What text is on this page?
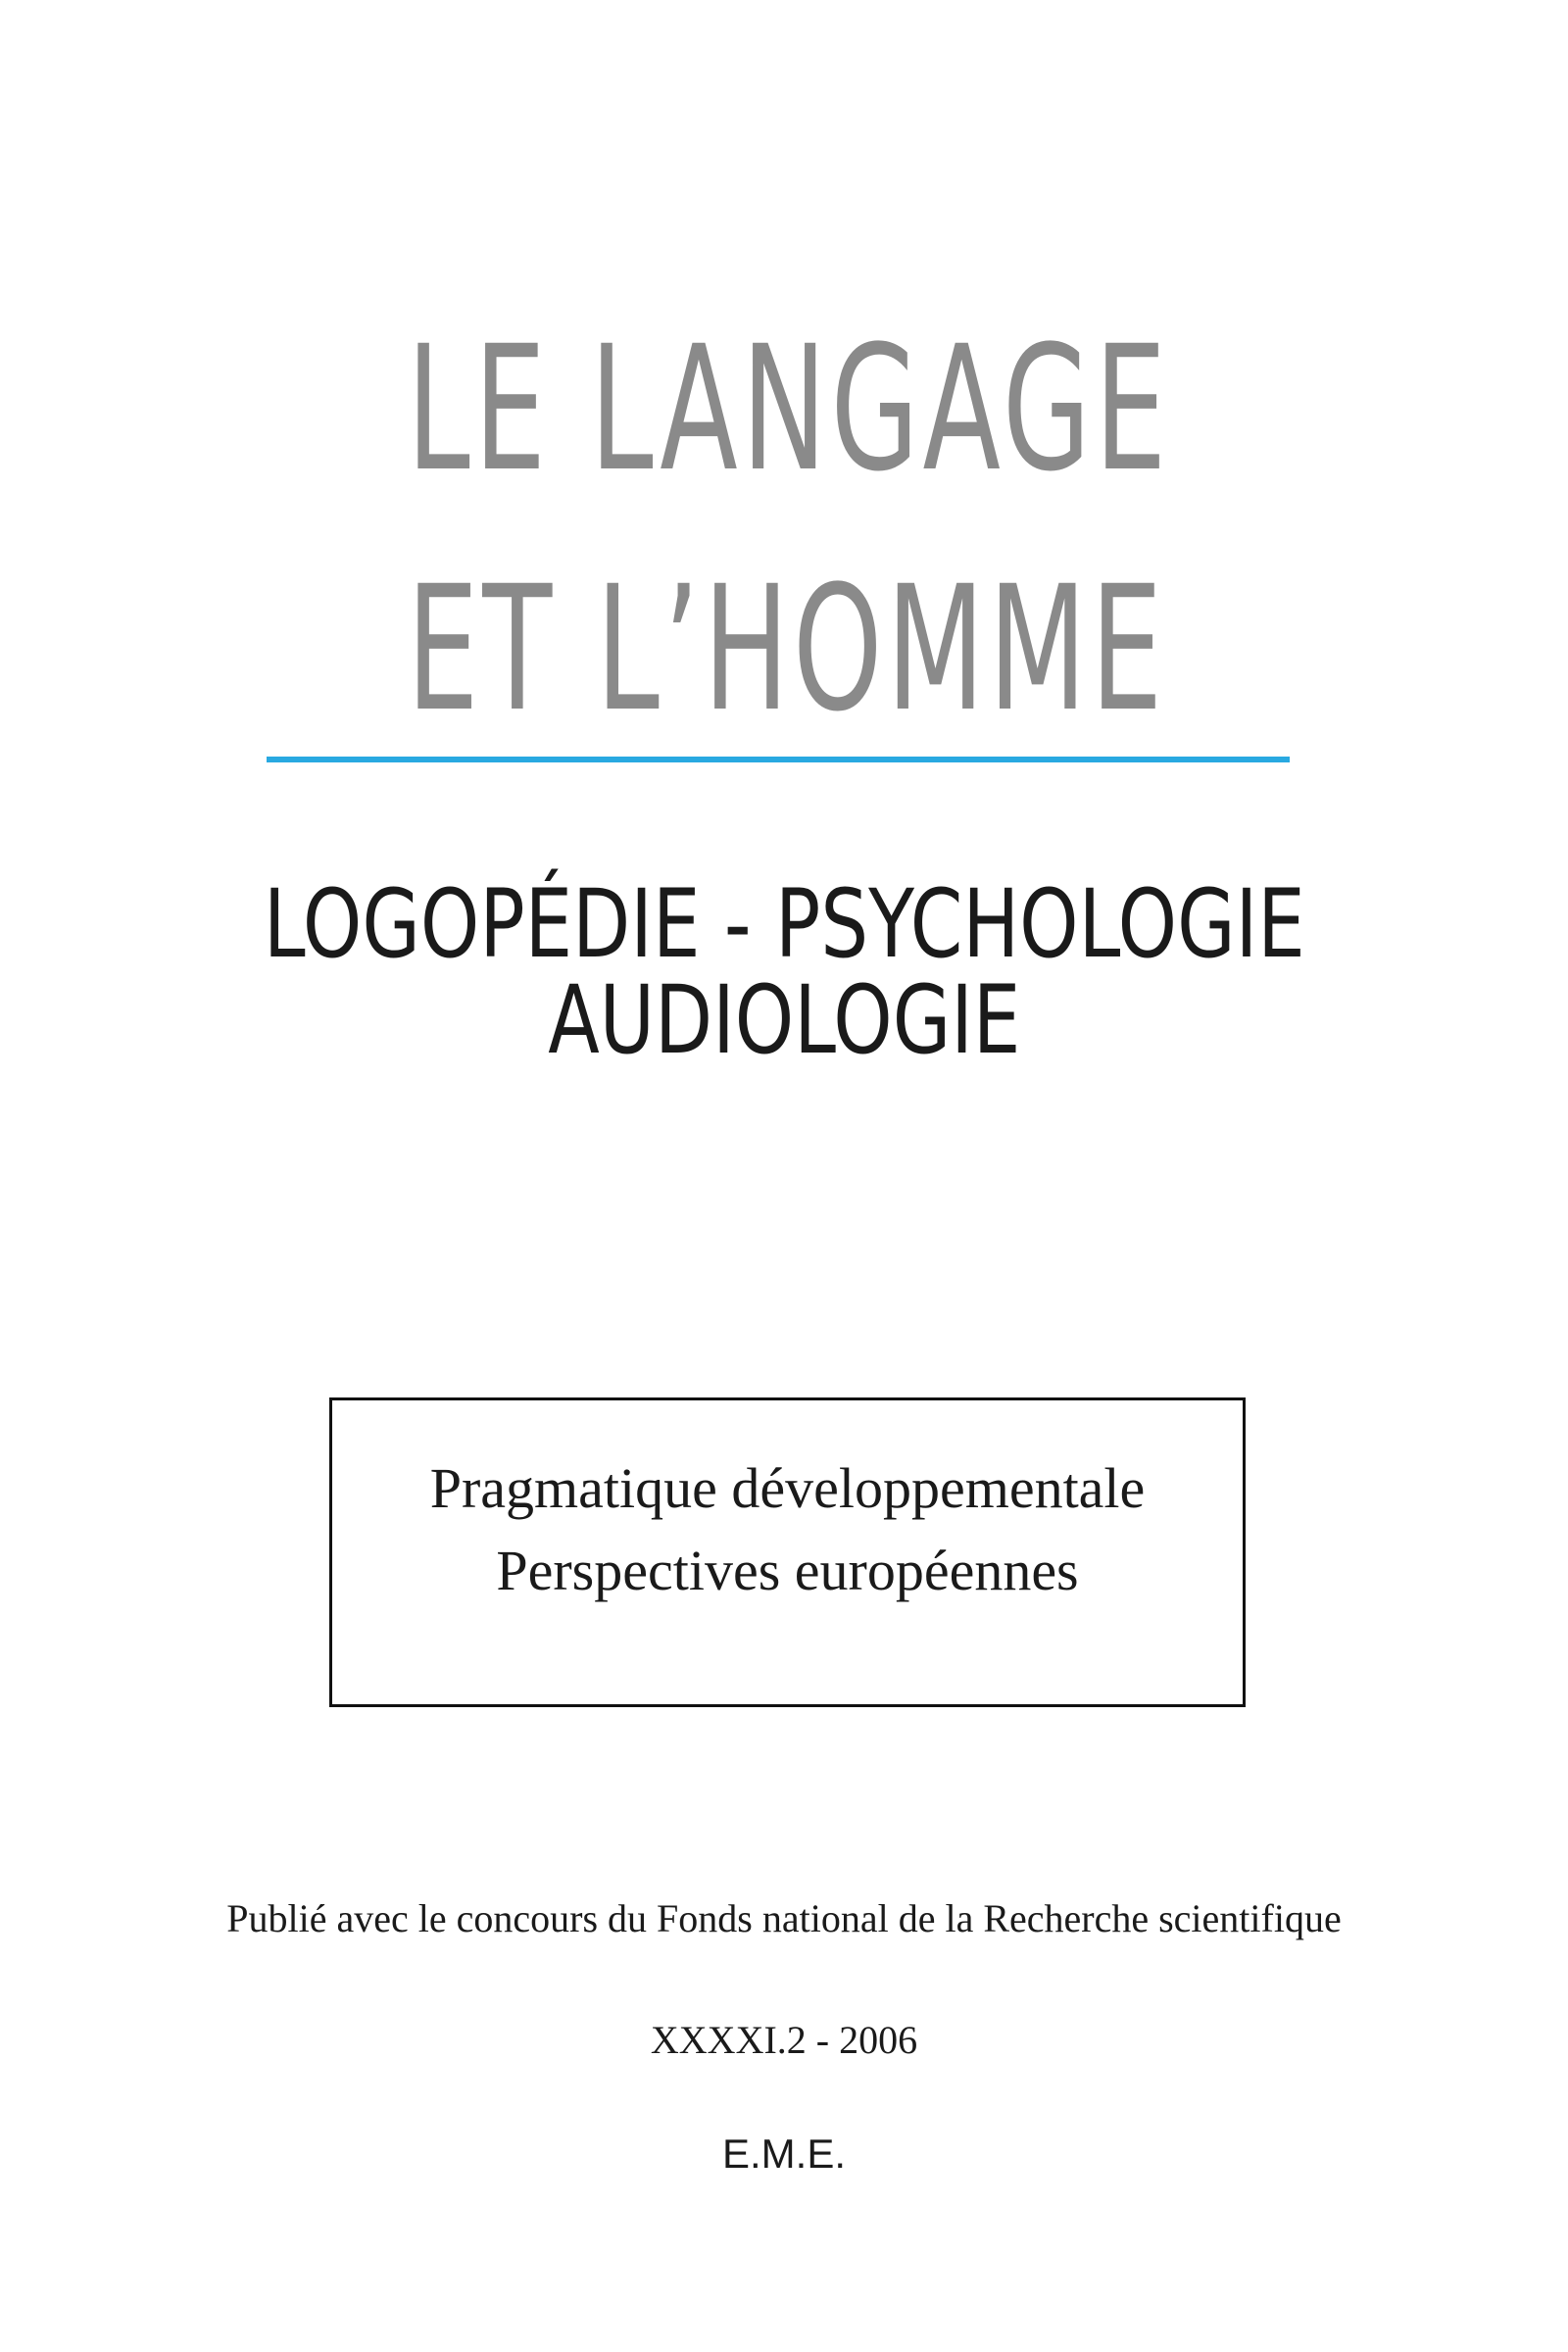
LE LANGAGE
ET L’HOMME
LOGOPÉDIE - PSYCHOLOGIE
AUDIOLOGIE
Pragmatique développementale
Perspectives européennes
Publié avec le concours du Fonds national de la Recherche scientifique
XXXXI.2 - 2006
E.M.E.
